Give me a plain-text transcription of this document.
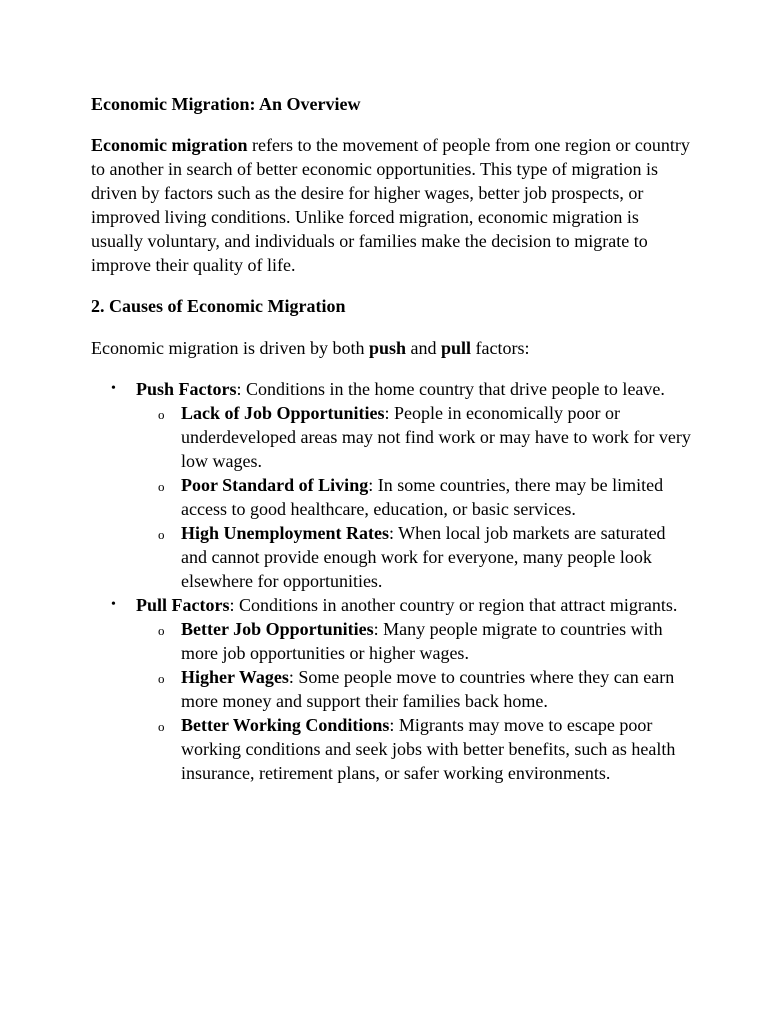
Economic Migration: An Overview

Economic migration refers to the movement of people from one region or country to another in search of better economic opportunities. This type of migration is driven by factors such as the desire for higher wages, better job prospects, or improved living conditions. Unlike forced migration, economic migration is usually voluntary, and individuals or families make the decision to migrate to improve their quality of life.

2. Causes of Economic Migration

Economic migration is driven by both push and pull factors:

• Push Factors: Conditions in the home country that drive people to leave.
o Lack of Job Opportunities: People in economically poor or underdeveloped areas may not find work or may have to work for very low wages.
o Poor Standard of Living: In some countries, there may be limited access to good healthcare, education, or basic services.
o High Unemployment Rates: When local job markets are saturated and cannot provide enough work for everyone, many people look elsewhere for opportunities.
• Pull Factors: Conditions in another country or region that attract migrants.
o Better Job Opportunities: Many people migrate to countries with more job opportunities or higher wages.
o Higher Wages: Some people move to countries where they can earn more money and support their families back home.
o Better Working Conditions: Migrants may move to escape poor working conditions and seek jobs with better benefits, such as health insurance, retirement plans, or safer working environments.
